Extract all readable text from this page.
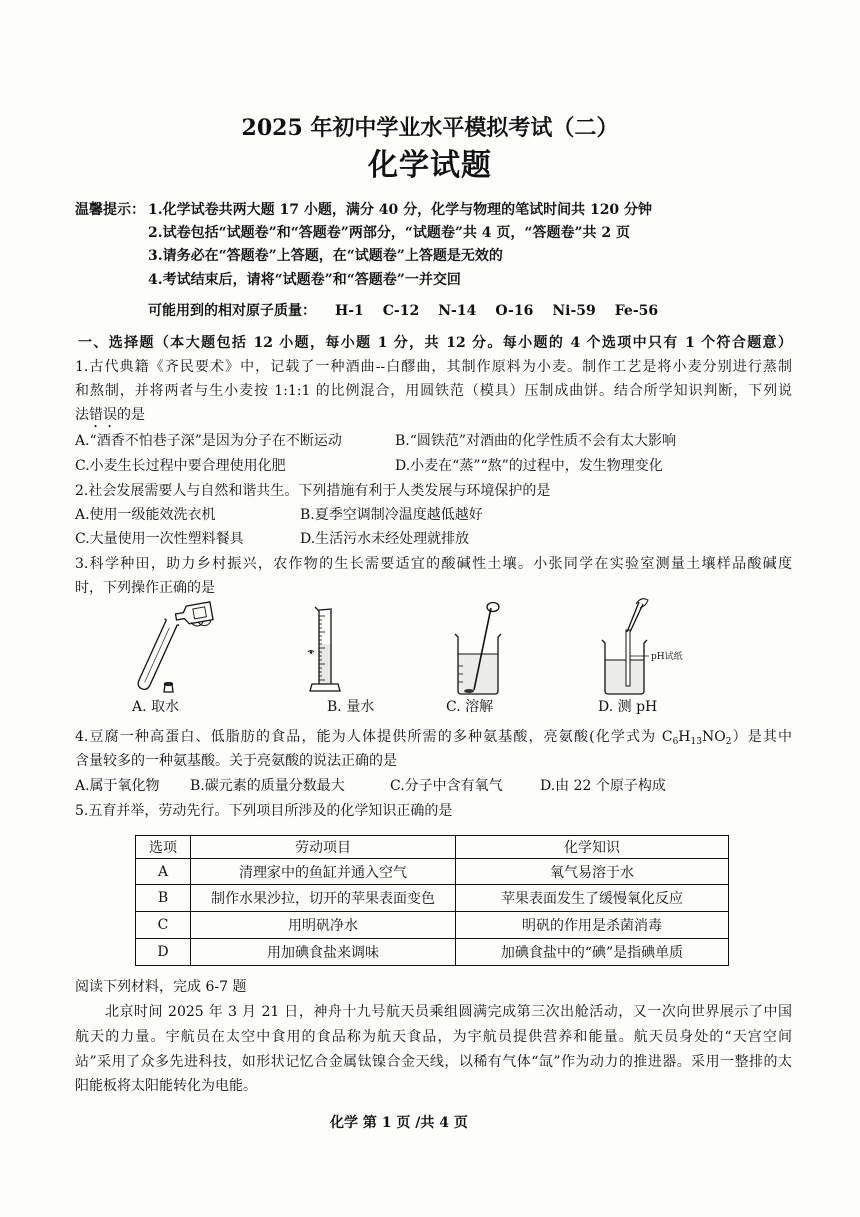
2025 年初中学业水平模拟考试（二）
化学试题
温馨提示： 1.化学试卷共两大题 17 小题，满分 40 分，化学与物理的笔试时间共 120 分钟
2.试卷包括“试题卷”和“答题卷”两部分，“试题卷”共 4 页，“答题卷”共 2 页
3.请务必在“答题卷”上答题，在“试题卷”上答题是无效的
4.考试结束后，请将“试题卷”和“答题卷”一并交回
可能用到的相对原子质量： H-1 C-12 N-14 O-16 Ni-59 Fe-56
一、选择题（本大题包括 12 小题，每小题 1 分，共 12 分。每小题的 4 个选项中只有 1 个符合题意）
1.古代典籍《齐民要术》中，记载了一种酒曲--白醪曲，其制作原料为小麦。制作工艺是将小麦分别进行蒸制
和熬制，并将两者与生小麦按 1:1:1 的比例混合，用圆铁范（模具）压制成曲饼。结合所学知识判断，下列说
法错误的是
A.“酒香不怕巷子深”是因为分子在不断运动	B.“圆铁范”对酒曲的化学性质不会有太大影响
C.小麦生长过程中要合理使用化肥	D.小麦在“蒸”“熬”的过程中，发生物理变化
2.社会发展需要人与自然和谐共生。下列措施有利于人类发展与环境保护的是
A.使用一级能效洗衣机	B.夏季空调制冷温度越低越好
C.大量使用一次性塑料餐具	D.生活污水未经处理就排放
3.科学种田，助力乡村振兴，农作物的生长需要适宜的酸碱性土壤。小张同学在实验室测量土壤样品酸碱度
时，下列操作正确的是
pH试纸
A. 取水	B. 量水	C. 溶解	D. 测 pH
4.豆腐一种高蛋白、低脂肪的食品，能为人体提供所需的多种氨基酸，亮氨酸(化学式为 $C_6H_{13}NO_2$）是其中
含量较多的一种氨基酸。关于亮氨酸的说法正确的是
A.属于氧化物 B.碳元素的质量分数最大	C.分子中含有氧气	D.由 22 个原子构成
5.五育并举，劳动先行。下列项目所涉及的化学知识正确的是
选项	劳动项目	化学知识
A	清理家中的鱼缸并通入空气	氧气易溶于水
B	制作水果沙拉，切开的苹果表面变色	苹果表面发生了缓慢氧化反应
C	用明矾净水	明矾的作用是杀菌消毒
D	用加碘食盐来调味	加碘食盐中的“碘”是指碘单质
阅读下列材料，完成 6-7 题
北京时间 2025 年 3 月 21 日，神舟十九号航天员乘组圆满完成第三次出舱活动，又一次向世界展示了中国
航天的力量。宇航员在太空中食用的食品称为航天食品，为宇航员提供营养和能量。航天员身处的“天宫空间
站”采用了众多先进科技，如形状记忆合金属钛镍合金天线，以稀有气体“氙”作为动力的推进器。采用一整排的太
阳能板将太阳能转化为电能。
化学 第 1 页 /共 4 页
